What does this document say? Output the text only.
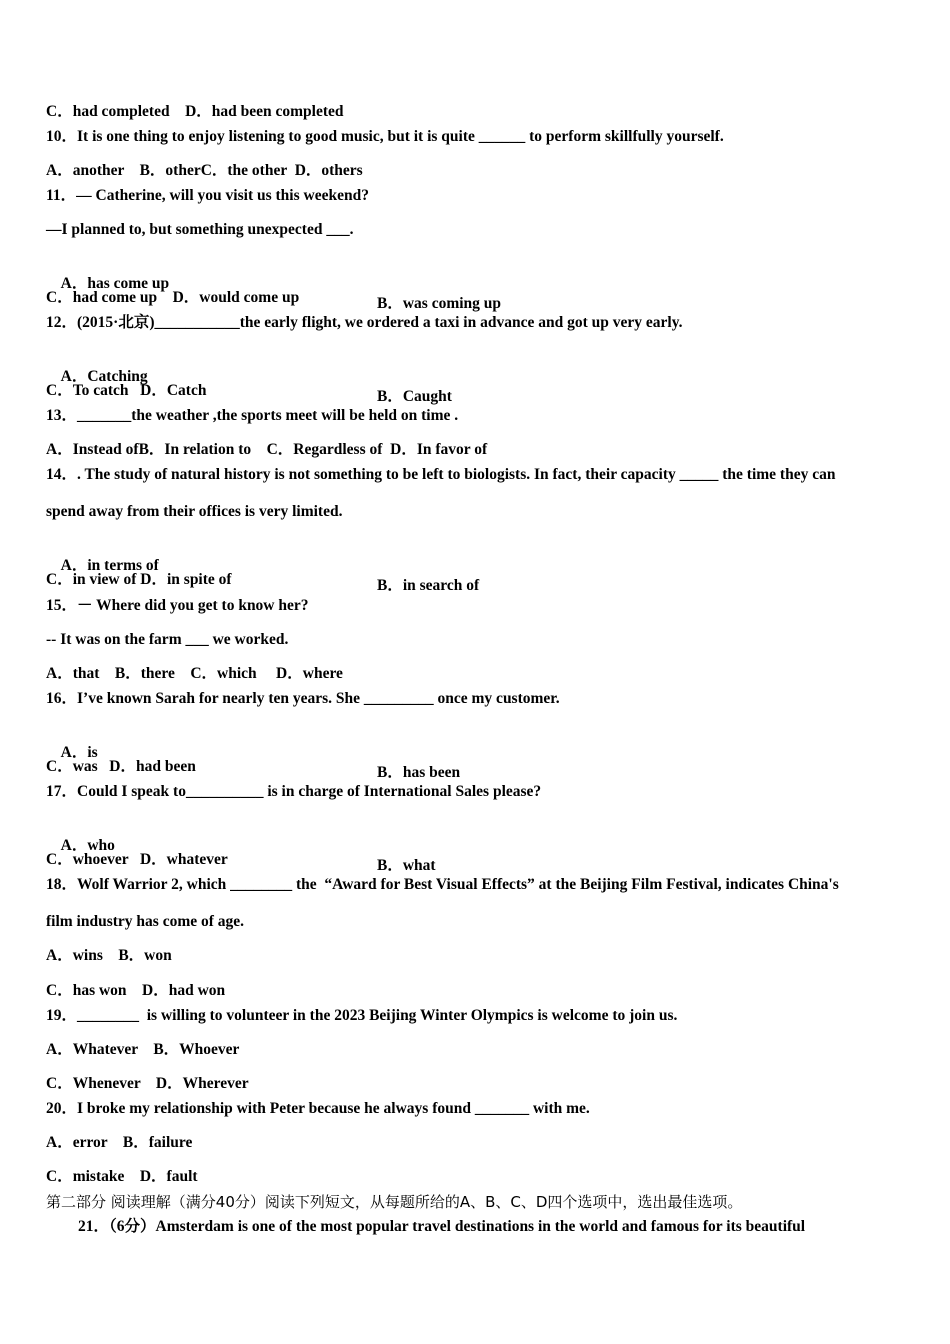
C．had completed    D．had been completed
10．It is one thing to enjoy listening to good music, but it is quite ______ to perform skillfully yourself.
A．another    B．otherC．the other  D．others
11．— Catherine, will you visit us this weekend?
—I planned to, but something unexpected ___.

A．has come up

B．was coming up

C．had come up    D．would come up
12．(2015·北京)___________the early flight, we ordered a taxi in advance and got up very early.

A．Catching

B．Caught

C．To catch   D．Catch
13．_______the weather ,the sports meet will be held on time .
A．Instead ofB．In relation to    C．Regardless of  D．In favor of
14．. The study of natural history is not something to be left to biologists. In fact, their capacity _____ the time they can
spend away from their offices is very limited.

A．in terms of

B．in search of

C．in view of D．in spite of
15．－ Where did you get to know her?
-- It was on the farm ___ we worked.
A．that    B．there    C．which     D．where
16．I’ve known Sarah for nearly ten years. She _________ once my customer.

A．is

B．has been

C．was   D．had been
17．Could I speak to__________ is in charge of International Sales please?

A．who

B．what

C．whoever   D．whatever
18．Wolf Warrior 2, which ________ the  “Award for Best Visual Effects” at the Beijing Film Festival, indicates China's
film industry has come of age.
A．wins    B．won
C．has won    D．had won
19．________  is willing to volunteer in the 2023 Beijing Winter Olympics is welcome to join us.
A．Whatever    B．Whoever
C．Whenever    D．Wherever
20．I broke my relationship with Peter because he always found _______ with me.
A．error    B．failure
C．mistake    D．fault
第二部分 阅读理解（满分40分）阅读下列短文，从每题所给的A、B、C、D四个选项中，选出最佳选项。
21．（6分）Amsterdam is one of the most popular travel destinations in the world and famous for its beautiful
